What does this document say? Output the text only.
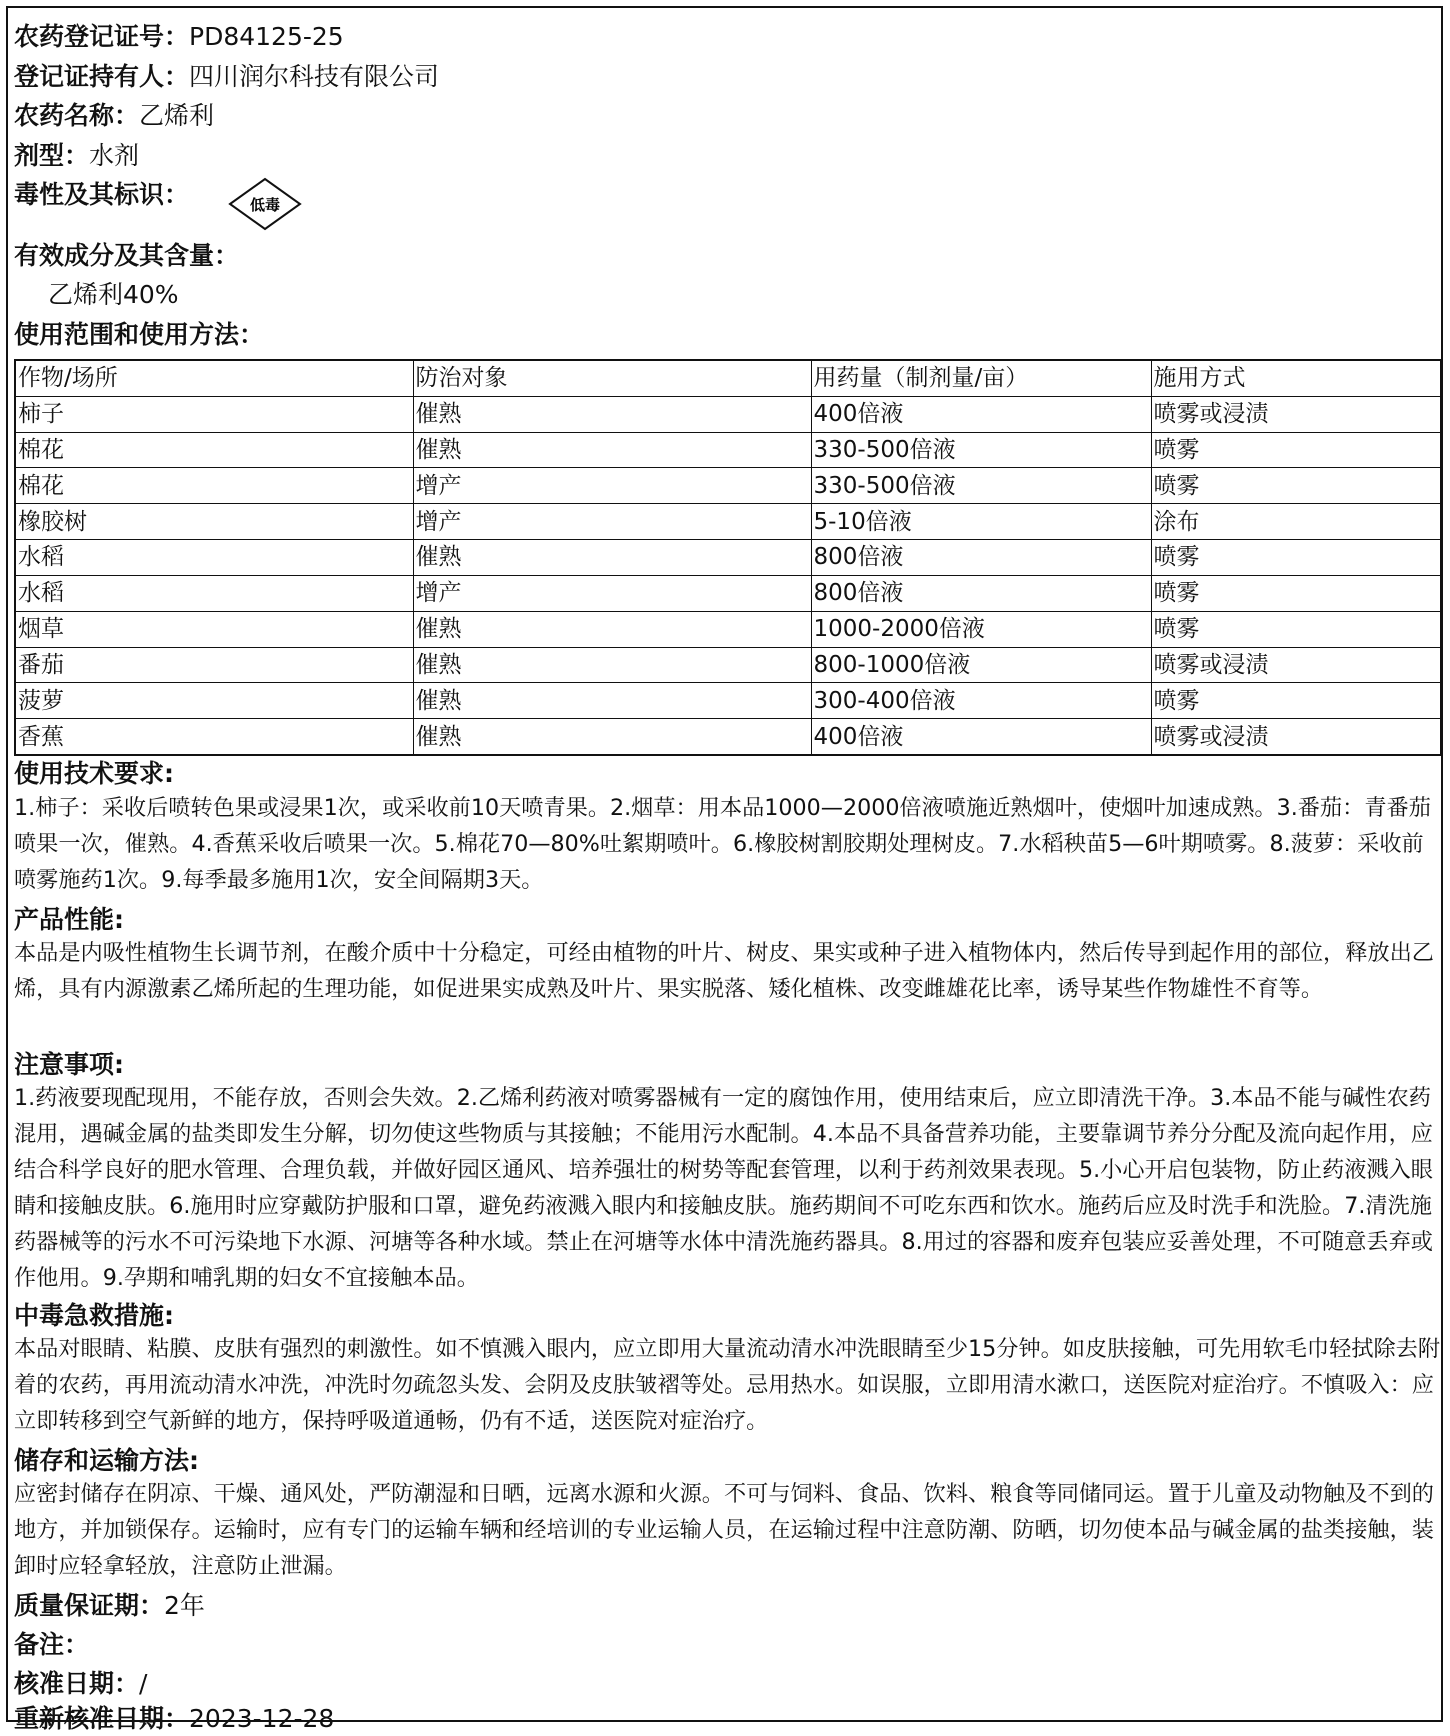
农药登记证号：PD84125-25
登记证持有人：四川润尔科技有限公司
农药名称：乙烯利
剂型：水剂
毒性及其标识：	低毒
有效成分及其含量：
乙烯利40%
使用范围和使用方法：
作物/场所	防治对象	用药量（制剂量/亩）	施用方式
柿子	催熟	400倍液	喷雾或浸渍
棉花	催熟	330-500倍液	喷雾
棉花	增产	330-500倍液	喷雾
橡胶树	增产	5-10倍液	涂布
水稻	催熟	800倍液	喷雾
水稻	增产	800倍液	喷雾
烟草	催熟	1000-2000倍液	喷雾
番茄	催熟	800-1000倍液	喷雾或浸渍
菠萝	催熟	300-400倍液	喷雾
香蕉	催熟	400倍液	喷雾或浸渍
使用技术要求:

1.柿子：采收后喷转色果或浸果1次，或采收前10天喷青果。2.烟草：用本品1000—2000倍液喷施近熟烟叶，使烟叶加速成熟。3.番茄：青番茄喷果一次，催熟。4.香蕉采收后喷果一次。5.棉花70—80%吐絮期喷叶。6.橡胶树割胶期处理树皮。7.水稻秧苗5—6叶期喷雾。8.菠萝：采收前喷雾施药1次。9.每季最多施用1次，安全间隔期3天。

产品性能:

本品是内吸性植物生长调节剂，在酸介质中十分稳定，可经由植物的叶片、树皮、果实或种子进入植物体内，然后传导到起作用的部位，释放出乙烯，具有内源激素乙烯所起的生理功能，如促进果实成熟及叶片、果实脱落、矮化植株、改变雌雄花比率，诱导某些作物雄性不育等。

注意事项:

1.药液要现配现用，不能存放，否则会失效。2.乙烯利药液对喷雾器械有一定的腐蚀作用，使用结束后，应立即清洗干净。3.本品不能与碱性农药混用，遇碱金属的盐类即发生分解，切勿使这些物质与其接触；不能用污水配制。4.本品不具备营养功能，主要靠调节养分分配及流向起作用，应结合科学良好的肥水管理、合理负载，并做好园区通风、培养强壮的树势等配套管理，以利于药剂效果表现。5.小心开启包装物，防止药液溅入眼睛和接触皮肤。6.施用时应穿戴防护服和口罩，避免药液溅入眼内和接触皮肤。施药期间不可吃东西和饮水。施药后应及时洗手和洗脸。7.清洗施药器械等的污水不可污染地下水源、河塘等各种水域。禁止在河塘等水体中清洗施药器具。8.用过的容器和废弃包装应妥善处理，不可随意丢弃或作他用。9.孕期和哺乳期的妇女不宜接触本品。

中毒急救措施:

本品对眼睛、粘膜、皮肤有强烈的刺激性。如不慎溅入眼内，应立即用大量流动清水冲洗眼睛至少15分钟。如皮肤接触，可先用软毛巾轻拭除去附着的农药，再用流动清水冲洗，冲洗时勿疏忽头发、会阴及皮肤皱褶等处。忌用热水。如误服，立即用清水漱口，送医院对症治疗。不慎吸入：应立即转移到空气新鲜的地方，保持呼吸道通畅，仍有不适，送医院对症治疗。

储存和运输方法:

应密封储存在阴凉、干燥、通风处，严防潮湿和日晒，远离水源和火源。不可与饲料、食品、饮料、粮食等同储同运。置于儿童及动物触及不到的地方，并加锁保存。运输时，应有专门的运输车辆和经培训的专业运输人员，在运输过程中注意防潮、防晒，切勿使本品与碱金属的盐类接触，装卸时应轻拿轻放，注意防止泄漏。

质量保证期：2年
备注：
核准日期：/
重新核准日期：2023-12-28
